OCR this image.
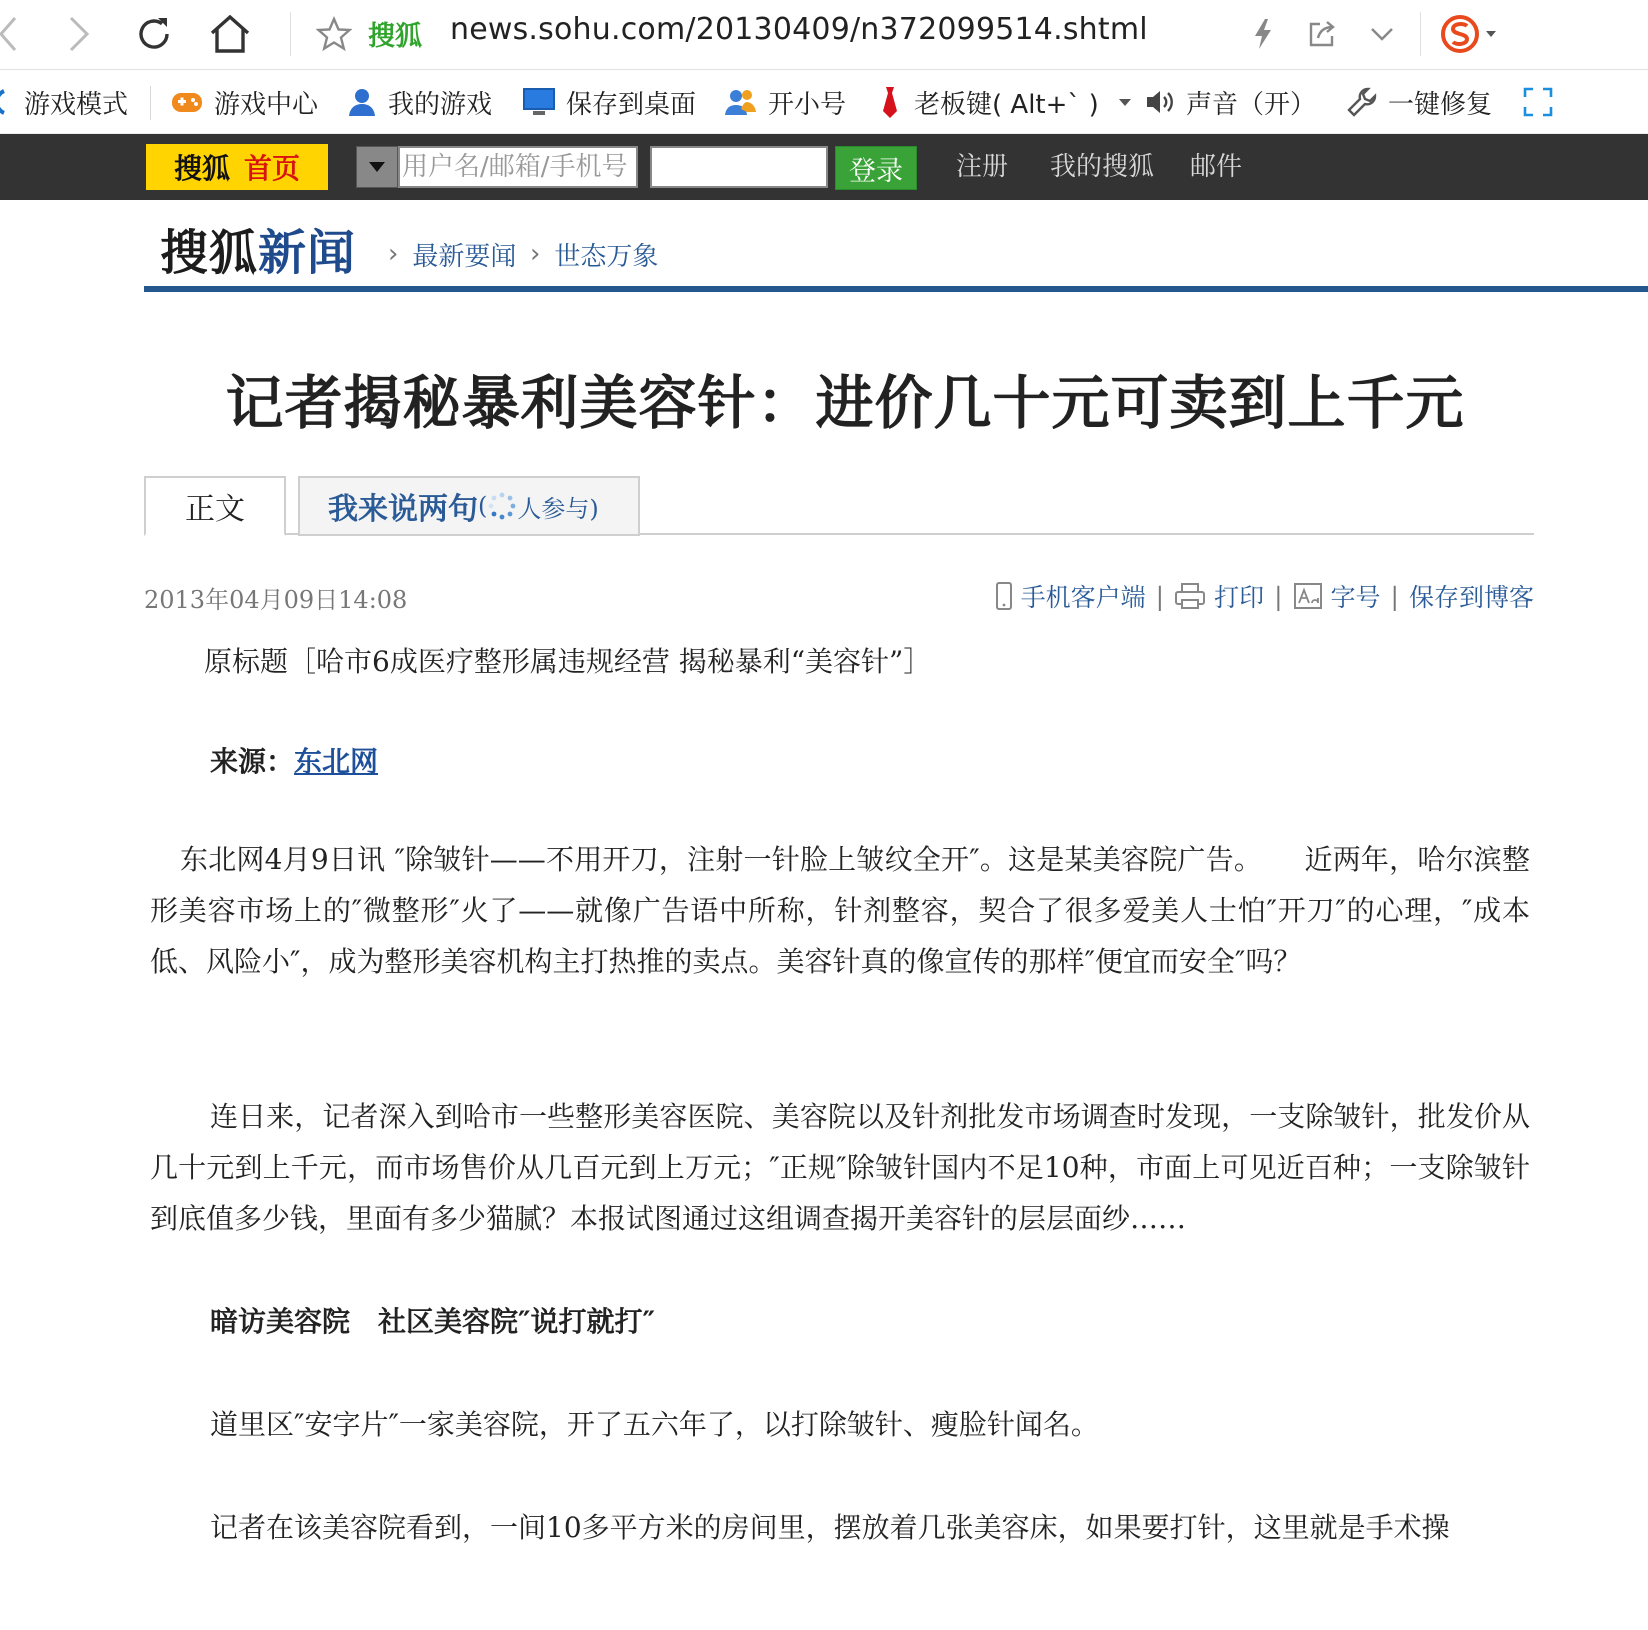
搜狐 news.sohu.com/20130409/n372099514.shtml
游戏模式	游戏中心	我的游戏	保存到桌面	开小号	老板键( Alt+` )	声音（开）	一键修复
搜狐 首页	用户名/邮箱/手机号	登录	注册 我的搜狐 邮件
搜狐新闻 › 最新要闻 › 世态万象
记者揭秘暴利美容针：进价几十元可卖到上千元
正文	我来说两句 ( 人参与)
2013年04月09日14:08	手机客户端 | 打印 | 字号 | 保存到博客
原标题［哈市6成医疗整形属违规经营 揭秘暴利“美容针”］
来源：东北网
东北网4月9日讯 ″除皱针——不用开刀，注射一针脸上皱纹全开″。这是某美容院广告。　　近两年，哈尔滨整形美容市场上的″微整形″火了——就像广告语中所称，针剂整容，契合了很多爱美人士怕″开刀″的心理，″成本低、风险小″，成为整形美容机构主打热推的卖点。美容针真的像宣传的那样″便宜而安全″吗？
连日来，记者深入到哈市一些整形美容医院、美容院以及针剂批发市场调查时发现，一支除皱针，批发价从几十元到上千元，而市场售价从几百元到上万元；″正规″除皱针国内不足10种，市面上可见近百种；一支除皱针到底值多少钱，里面有多少猫腻？本报试图通过这组调查揭开美容针的层层面纱……
暗访美容院　社区美容院″说打就打″
道里区″安字片″一家美容院，开了五六年了，以打除皱针、瘦脸针闻名。
记者在该美容院看到，一间10多平方米的房间里，摆放着几张美容床，如果要打针，这里就是手术操
